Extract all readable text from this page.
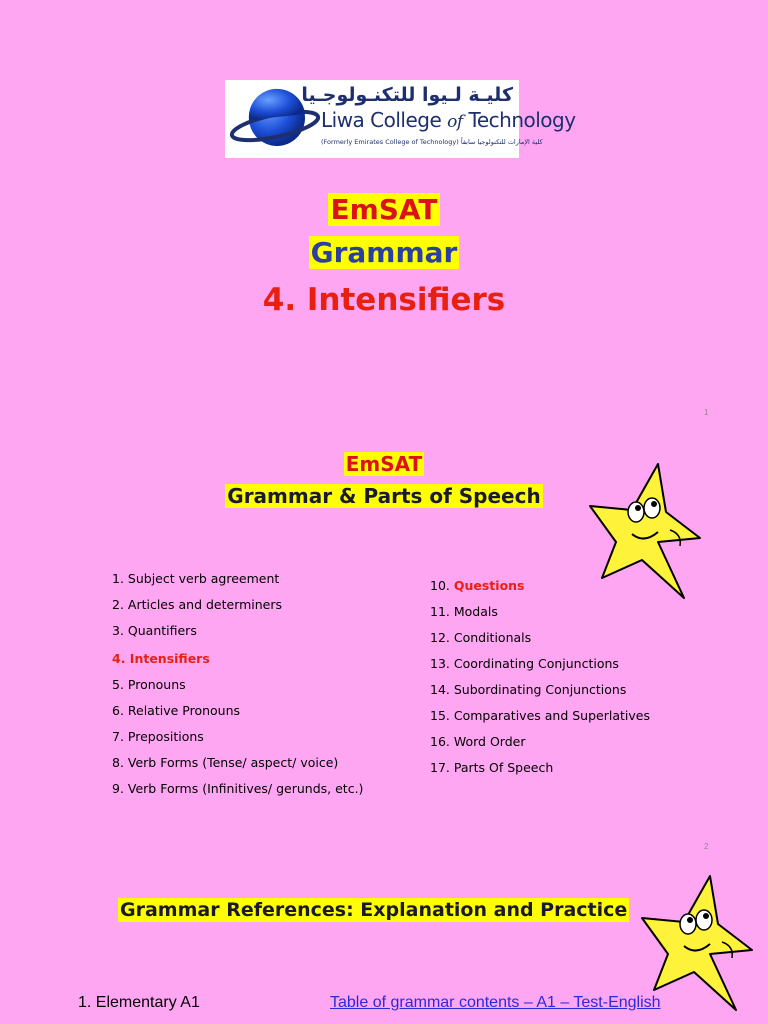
كليـة لـيوا للتكنـولوجـيا
Liwa College of Technology
(Formerly Emirates College of Technology) كلية الإمارات للتكنولوجيا سابقاً
EmSAT
Grammar
4. Intensifiers
1
EmSAT
Grammar & Parts of Speech
1. Subject verb agreement
2. Articles and determiners
3. Quantifiers
4. Intensifiers
5. Pronouns
6. Relative Pronouns
7. Prepositions
8. Verb Forms (Tense/ aspect/ voice)
9. Verb Forms (Infinitives/ gerunds, etc.)
10. Questions
11. Modals
12. Conditionals
13. Coordinating Conjunctions
14. Subordinating Conjunctions
15. Comparatives and Superlatives
16. Word Order
17. Parts Of Speech
2
Grammar References: Explanation and Practice
1. Elementary A1	Table of grammar contents – A1 – Test-English
